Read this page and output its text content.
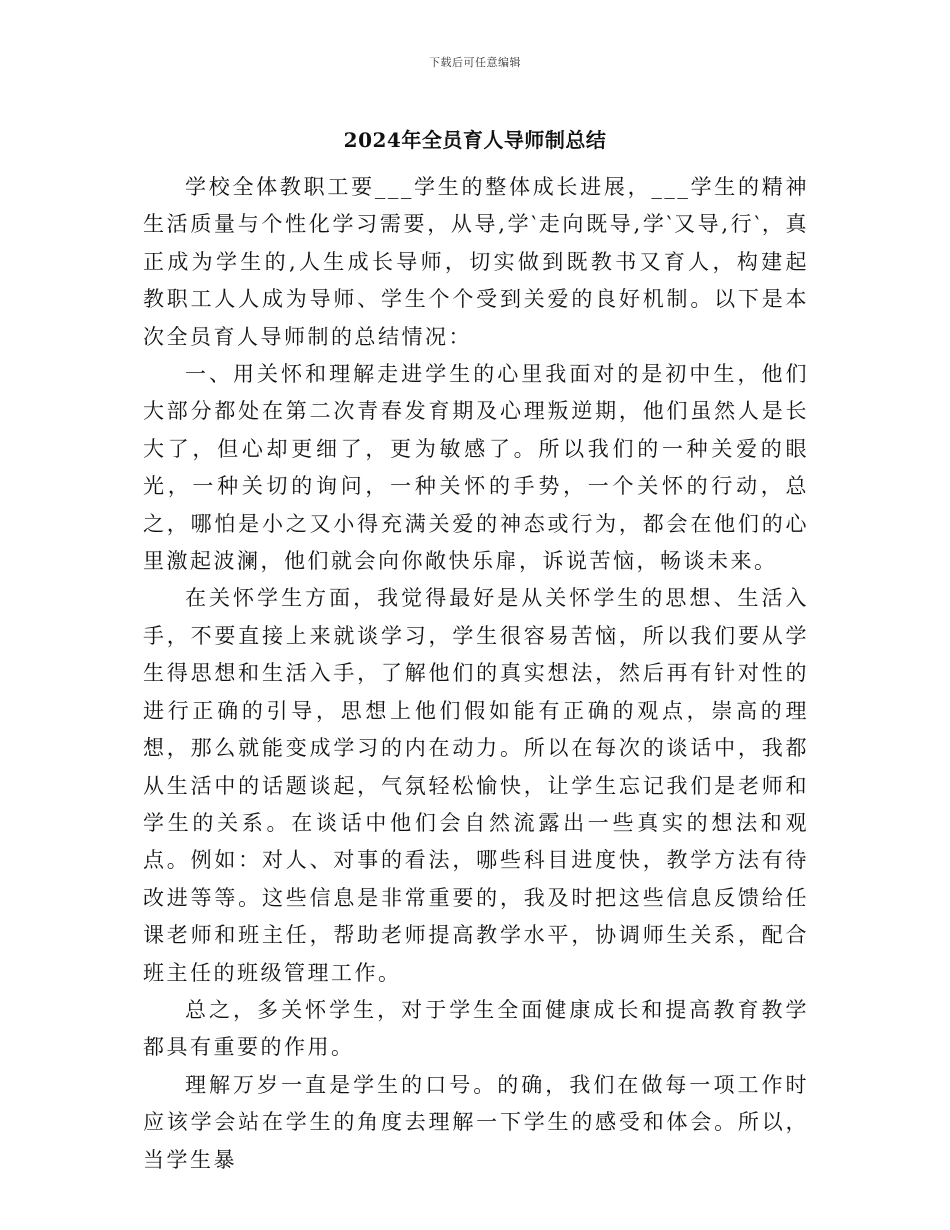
下载后可任意编辑
2024年全员育人导师制总结

学校全体教职工要___学生的整体成长进展，___学生的精神生活质量与个性化学习需要，从导,学‵走向既导,学‵又导,行‵，真正成为学生的,人生成长导师，切实做到既教书又育人，构建起教职工人人成为导师、学生个个受到关爱的良好机制。以下是本次全员育人导师制的总结情况：

一、用关怀和理解走进学生的心里我面对的是初中生，他们大部分都处在第二次青春发育期及心理叛逆期，他们虽然人是长大了，但心却更细了，更为敏感了。所以我们的一种关爱的眼光，一种关切的询问，一种关怀的手势，一个关怀的行动，总之，哪怕是小之又小得充满关爱的神态或行为，都会在他们的心里激起波澜，他们就会向你敞快乐扉，诉说苦恼，畅谈未来。

在关怀学生方面，我觉得最好是从关怀学生的思想、生活入手，不要直接上来就谈学习，学生很容易苦恼，所以我们要从学生得思想和生活入手，了解他们的真实想法，然后再有针对性的进行正确的引导，思想上他们假如能有正确的观点，崇高的理想，那么就能变成学习的内在动力。所以在每次的谈话中，我都从生活中的话题谈起，气氛轻松愉快，让学生忘记我们是老师和学生的关系。在谈话中他们会自然流露出一些真实的想法和观点。例如：对人、对事的看法，哪些科目进度快，教学方法有待改进等等。这些信息是非常重要的，我及时把这些信息反馈给任课老师和班主任，帮助老师提高教学水平，协调师生关系，配合班主任的班级管理工作。

总之，多关怀学生，对于学生全面健康成长和提高教育教学都具有重要的作用。

理解万岁一直是学生的口号。的确，我们在做每一项工作时应该学会站在学生的角度去理解一下学生的感受和体会。所以，当学生暴
